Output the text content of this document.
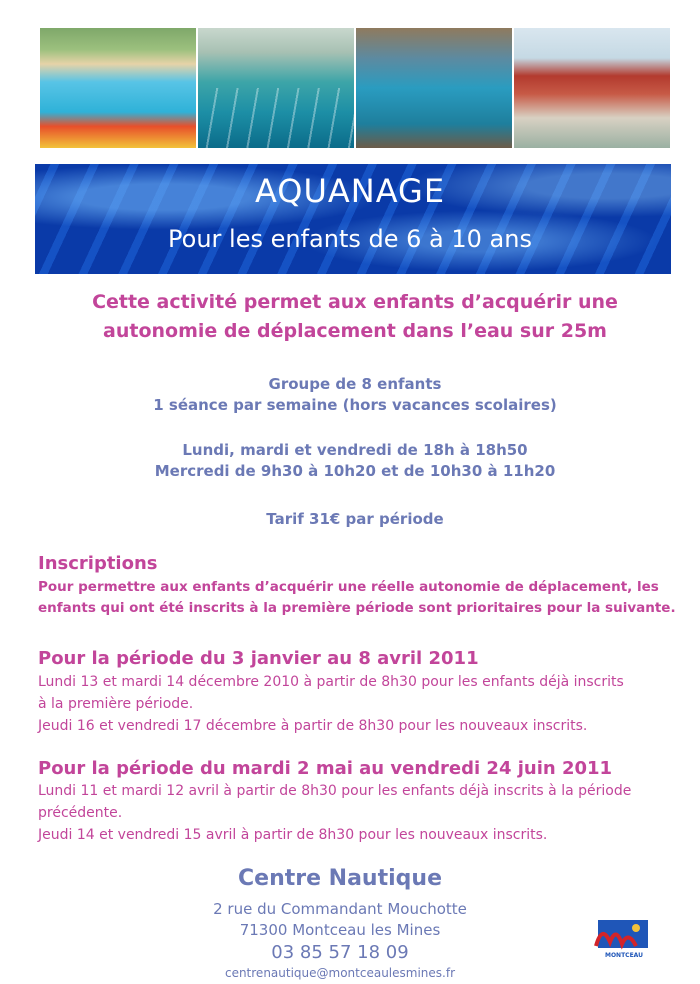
AQUANAGE
Pour les enfants de 6 à 10 ans
Cette activité permet aux enfants d’acquérir une
autonomie de déplacement dans l’eau sur 25m
Groupe de 8 enfants
1 séance par semaine (hors vacances scolaires)
Lundi, mardi et vendredi de 18h à 18h50
Mercredi de 9h30 à 10h20 et de 10h30 à 11h20
Tarif 31€ par période
Inscriptions
Pour permettre aux enfants d’acquérir une réelle autonomie de déplacement, les
enfants qui ont été inscrits à la première période sont prioritaires pour la suivante.
Pour la période du 3 janvier au 8 avril 2011
Lundi 13 et mardi 14 décembre 2010 à partir de 8h30 pour les enfants déjà inscrits
à la première période.
Jeudi 16 et vendredi 17 décembre à partir de 8h30 pour les nouveaux inscrits.
Pour la période du mardi 2 mai au vendredi 24 juin 2011
Lundi 11 et mardi 12 avril à partir de 8h30 pour les enfants déjà inscrits à la période
précédente.
Jeudi 14 et vendredi 15 avril à partir de 8h30 pour les nouveaux inscrits.
Centre Nautique
2 rue du Commandant Mouchotte
71300 Montceau les Mines
03 85 57 18 09
centrenautique@montceaulesmines.fr
MONTCEAU
